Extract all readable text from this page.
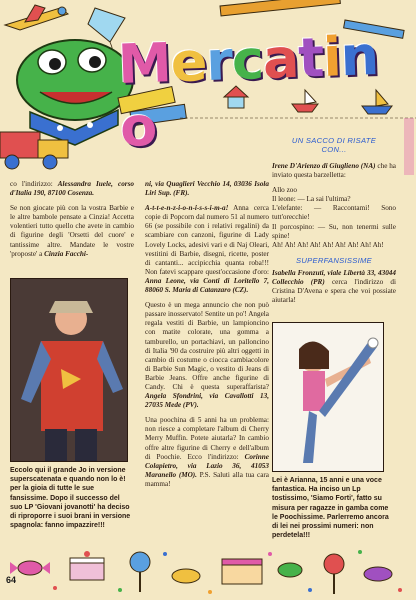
Mercatino

co l'indirizzo: Alessandra Iuele, corso d'Italia 190, 87100 Cosenza.

Se non giocate più con la vostra Barbie e le altre bambole pensate a Cinzia! Accetta volentieri tutto quello che avete in cambio di figurine degli 'Orsetti del cuore' e tantissime altre. Mandate le vostre 'proposte' a Cinzia Facchi-

Eccolo qui il grande Jo in versione superscatenata e quando non lo è! per la gioia di tutte le sue fansissime. Dopo il successo del suo LP 'Giovani jovanotti' ha deciso di riproporre i suoi brani in versione spagnola: fanno impazzire!!!

ni, via Quaglieri Vecchio 14, 03036 Isola Liri Sup. (FR).

A-t-t-e-n-z-i-o-n-i-s-s-i-m-a! Anna cerca copie di Popcorn dal numero 51 al numero 66 (se possibile con i relativi regalini) da scambiare con canzoni, figurine di Lady Lovely Locks, adesivi vari e di Naj Oleari, vestitini di Barbie, disegni, ricette, poster di cantanti... accipicchia quanta roba!!! Non fatevi scappare quest'occasione d'oro: Anna Leone, via Conti di Loritello 7, 88060 S. Maria di Catanzaro (CZ).

Questo è un mega annuncio che non può passare inosservato! Sentite un po'! Angela regala vestiti di Barbie, un lampioncino con matite colorate, una gomma a tamburello, un portachiavi, un palloncino di Italia '90 da costruire più altri oggetti in cambio di costume o ciocca cambiacolore di Barbie Sun Magic, o vestito di Jeans di Barbie Jeans. Offre anche figurine di Candy. Chi è questa superaffarista? Angela Sfondrini, via Cavallotti 13, 27035 Mede (PV).

Una poochina di 5 anni ha un problema: non riesce a completare l'album di Cherry Merry Muffin. Potete aiutarla? In cambio offre altre figurine di Cherry e dell'album di Poochie. Ecco l'indirizzo: Corinne Colapietro, via Lazio 36, 41053 Maranello (MO). P.S. Saluti alla tua cara mamma!

UN SACCO DI RISATE
CON...

Irene D'Arienzo di Giuglieno (NA) che ha inviato questa barzelletta:

Allo zoo

Il leone: — La sai l'ultima?

L'elefante: — Raccontami! Sono tutt'orecchie!

Il porcospino: — Su, non tenermi sulle spine!

Ah! Ah! Ah! Ah! Ah! Ah! Ah! Ah! Ah!

SUPERFANSISSIME

Isabella Fronzuti, viale Libertà 33, 43044 Collecchio (PR) cerca l'indirizzo di Cristina D'Avena e spera che voi possiate aiutarla!

Lei è Arianna, 15 anni e una voce fantastica. Ha inciso un Lp tostissimo, 'Siamo Forti', fatto su misura per ragazze in gamba come le Poochissime. Parlerremo ancora di lei nei prossimi numeri: non perdetela!!!

64
